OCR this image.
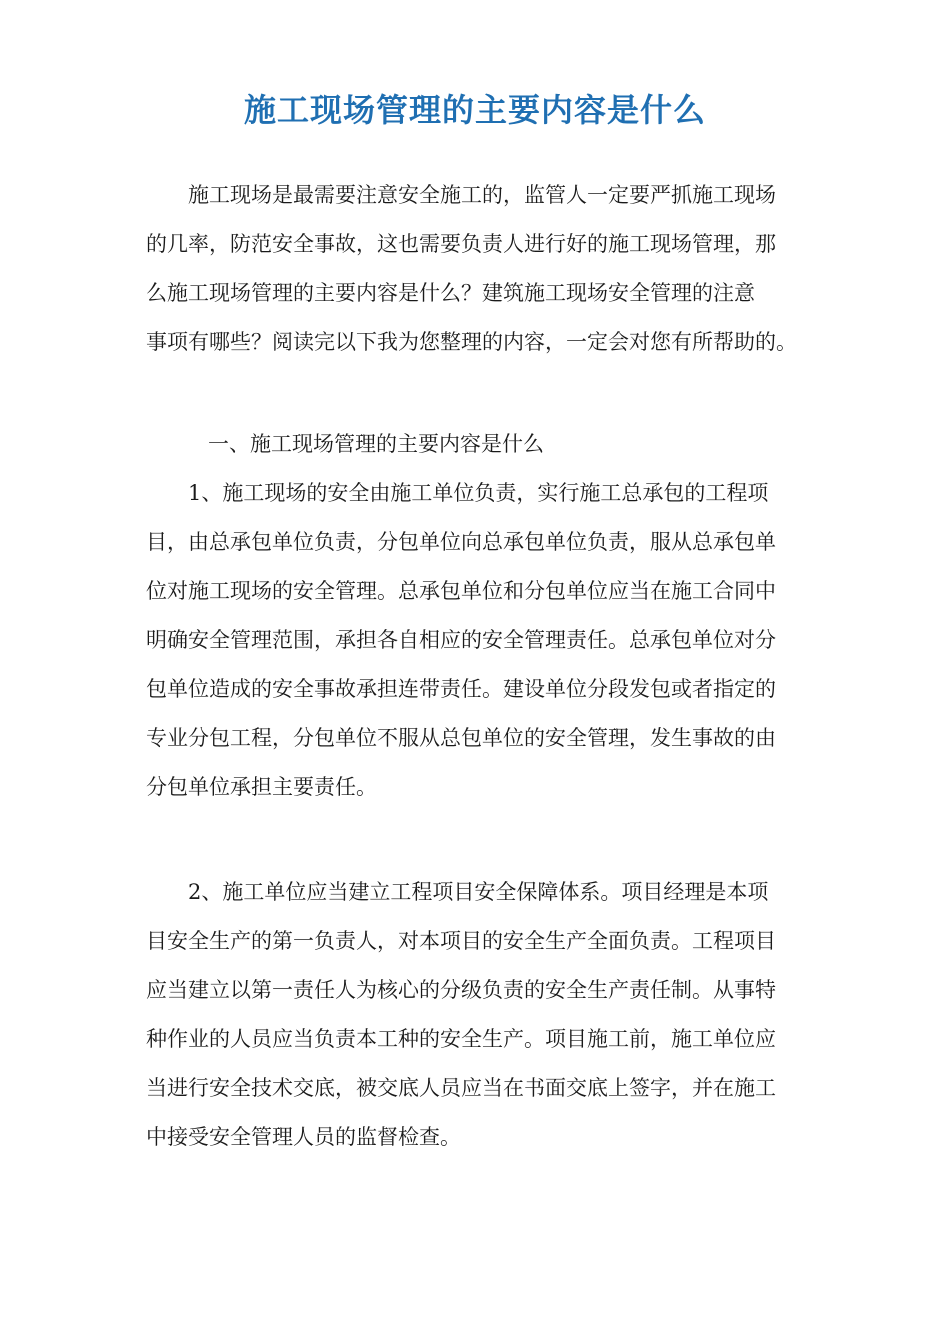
施工现场管理的主要内容是什么

施工现场是最需要注意安全施工的，监管人一定要严抓施工现场
的几率，防范安全事故，这也需要负责人进行好的施工现场管理，那
么施工现场管理的主要内容是什么？建筑施工现场安全管理的注意
事项有哪些？阅读完以下我为您整理的内容，一定会对您有所帮助的。

一、施工现场管理的主要内容是什么

1、施工现场的安全由施工单位负责，实行施工总承包的工程项
目，由总承包单位负责，分包单位向总承包单位负责，服从总承包单
位对施工现场的安全管理。总承包单位和分包单位应当在施工合同中
明确安全管理范围，承担各自相应的安全管理责任。总承包单位对分
包单位造成的安全事故承担连带责任。建设单位分段发包或者指定的
专业分包工程，分包单位不服从总包单位的安全管理，发生事故的由
分包单位承担主要责任。

2、施工单位应当建立工程项目安全保障体系。项目经理是本项
目安全生产的第一负责人，对本项目的安全生产全面负责。工程项目
应当建立以第一责任人为核心的分级负责的安全生产责任制。从事特
种作业的人员应当负责本工种的安全生产。项目施工前，施工单位应
当进行安全技术交底，被交底人员应当在书面交底上签字，并在施工
中接受安全管理人员的监督检查。
